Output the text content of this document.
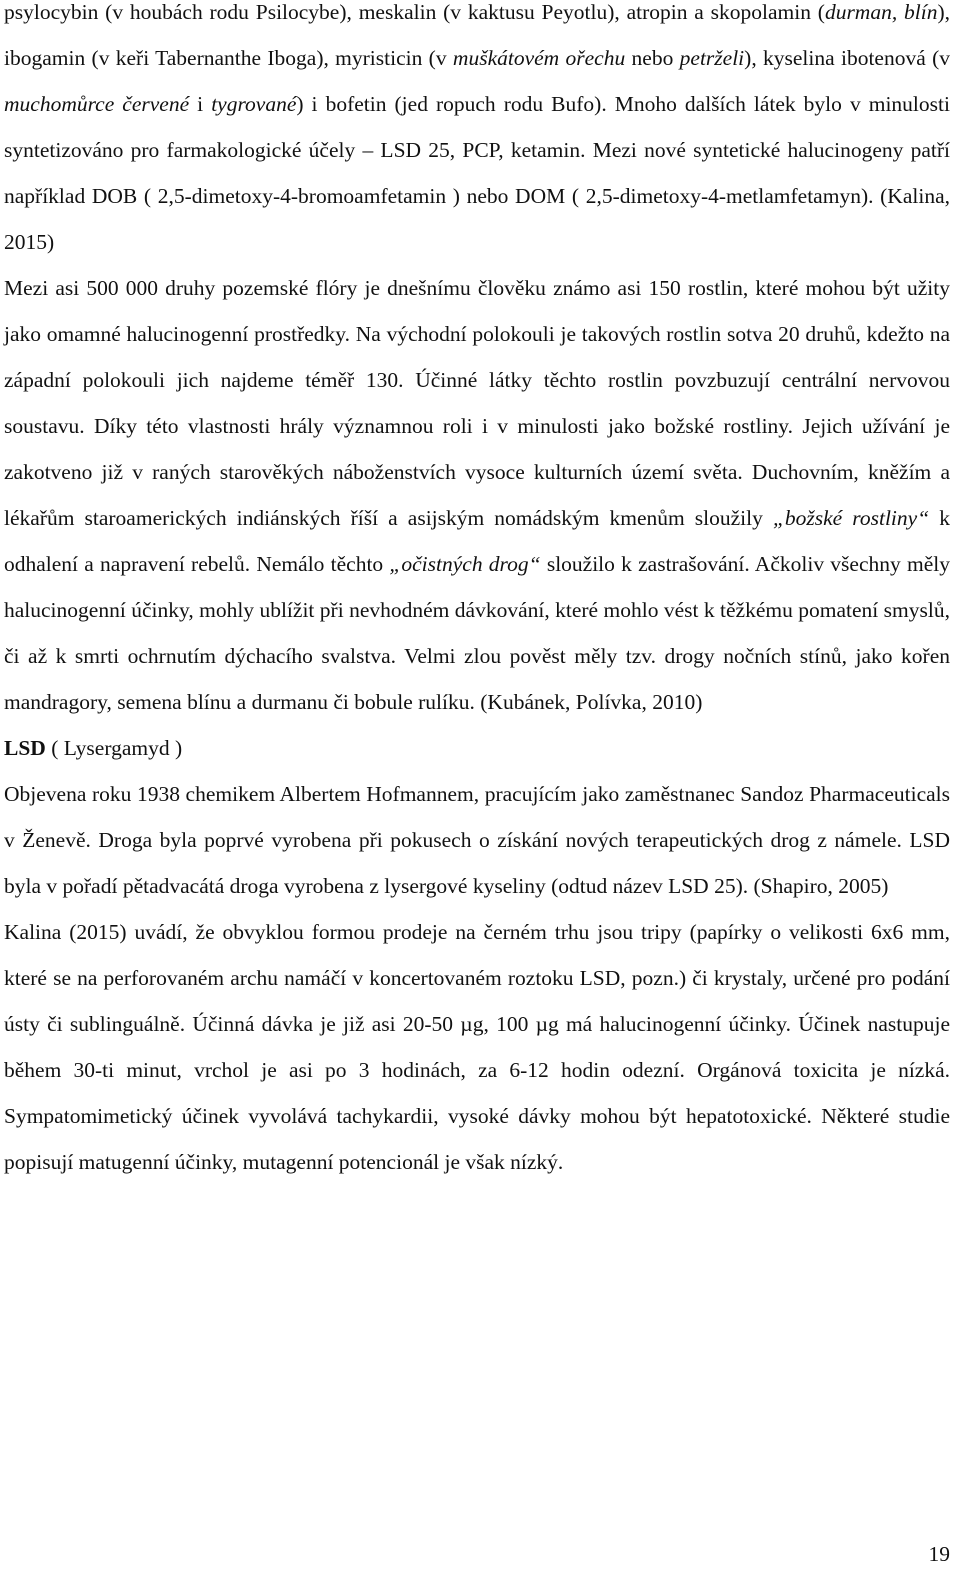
psylocybin (v houbách rodu Psilocybe), meskalin (v kaktusu Peyotlu), atropin a skopolamin (durman, blín), ibogamin (v keři Tabernanthe Iboga), myristicin (v muškátovém ořechu nebo petrželi), kyselina ibotenová (v muchomůrce červené i tygrované) i bofetin (jed ropuch rodu Bufo). Mnoho dalších látek bylo v minulosti syntetizováno pro farmakologické účely – LSD 25, PCP, ketamin. Mezi nové syntetické halucinogeny patří například DOB ( 2,5-dimetoxy-4-bromoamfetamin ) nebo DOM ( 2,5-dimetoxy-4-metlamfetamyn). (Kalina, 2015)

Mezi asi 500 000 druhy pozemské flóry je dnešnímu člověku známo asi 150 rostlin, které mohou být užity jako omamné halucinogenní prostředky. Na východní polokouli je takových rostlin sotva 20 druhů, kdežto na západní polokouli jich najdeme téměř 130. Účinné látky těchto rostlin povzbuzují centrální nervovou soustavu. Díky této vlastnosti hrály významnou roli i v minulosti jako božské rostliny. Jejich užívání je zakotveno již v raných starověkých náboženstvích vysoce kulturních území světa. Duchovním, kněžím a lékařům staroamerických indiánských říší a asijským nomádským kmenům sloužily „božské rostliny“ k odhalení a napravení rebelů. Nemálo těchto „očistných drog“ sloužilo k zastrašování. Ačkoliv všechny měly halucinogenní účinky, mohly ublížit při nevhodném dávkování, které mohlo vést k těžkému pomatení smyslů, či až k smrti ochrnutím dýchacího svalstva. Velmi zlou pověst měly tzv. drogy nočních stínů, jako kořen mandragory, semena blínu a durmanu či bobule rulíku. (Kubánek, Polívka, 2010)

LSD ( Lysergamyd )

Objevena roku 1938 chemikem Albertem Hofmannem, pracujícím jako zaměstnanec Sandoz Pharmaceuticals v Ženevě. Droga byla poprvé vyrobena při pokusech o získání nových terapeutických drog z námele. LSD byla v pořadí pětadvacátá droga vyrobena z lysergové kyseliny (odtud název LSD 25). (Shapiro, 2005)

Kalina (2015) uvádí, že obvyklou formou prodeje na černém trhu jsou tripy (papírky o velikosti 6x6 mm, které se na perforovaném archu namáčí v koncertovaném roztoku LSD, pozn.) či krystaly, určené pro podání ústy či sublinguálně. Účinná dávka je již asi 20-50 µg, 100 µg má halucinogenní účinky. Účinek nastupuje během 30-ti minut, vrchol je asi po 3 hodinách, za 6-12 hodin odezní. Orgánová toxicita je nízká. Sympatomimetický účinek vyvolává tachykardii, vysoké dávky mohou být hepatotoxické. Některé studie popisují matugenní účinky, mutagenní potencionál je však nízký.

19
